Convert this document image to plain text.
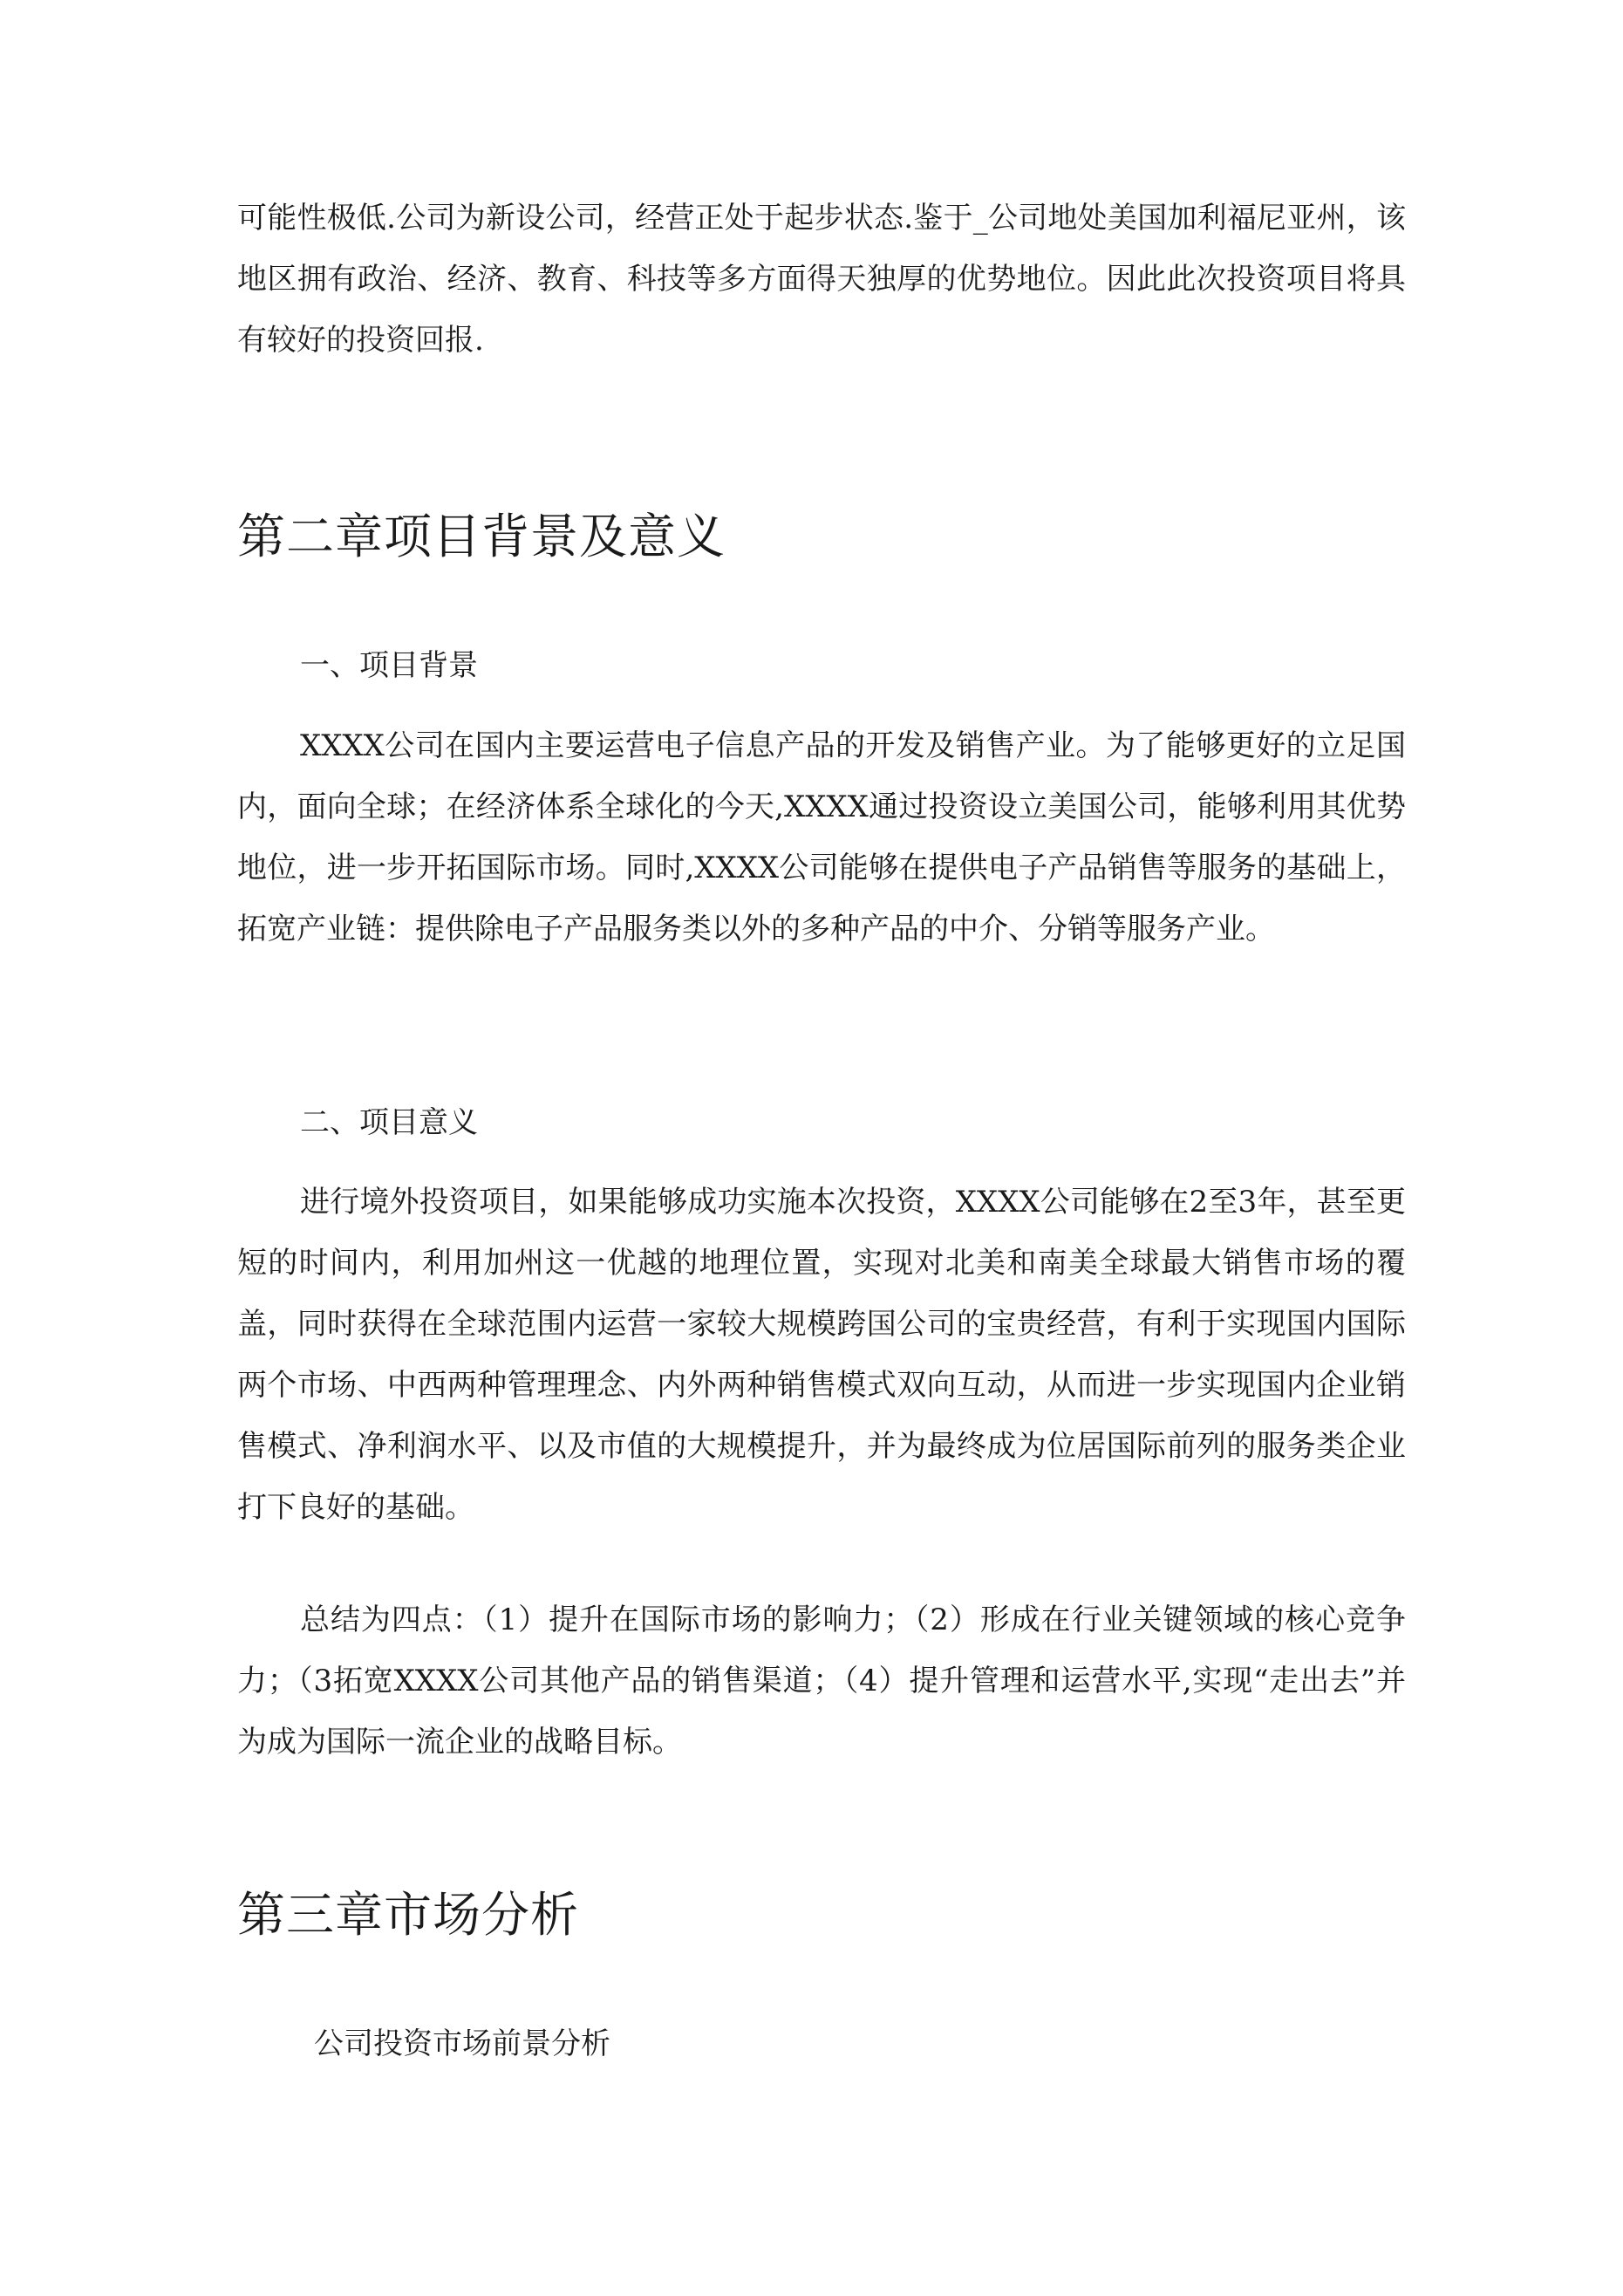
可能性极低.公司为新设公司，经营正处于起步状态.鉴于_公司地处美国加利福尼亚州，该地区拥有政治、经济、教育、科技等多方面得天独厚的优势地位。因此此次投资项目将具有较好的投资回报.

第二章项目背景及意义
一、项目背景

XXXX公司在国内主要运营电子信息产品的开发及销售产业。为了能够更好的立足国内，面向全球；在经济体系全球化的今天,XXXX通过投资设立美国公司，能够利用其优势地位，进一步开拓国际市场。同时,XXXX公司能够在提供电子产品销售等服务的基础上，拓宽产业链：提供除电子产品服务类以外的多种产品的中介、分销等服务产业。

二、项目意义

进行境外投资项目，如果能够成功实施本次投资，XXXX公司能够在2至3年，甚至更短的时间内，利用加州这一优越的地理位置，实现对北美和南美全球最大销售市场的覆盖，同时获得在全球范围内运营一家较大规模跨国公司的宝贵经营，有利于实现国内国际两个市场、中西两种管理理念、内外两种销售模式双向互动，从而进一步实现国内企业销售模式、净利润水平、以及市值的大规模提升，并为最终成为位居国际前列的服务类企业打下良好的基础。

总结为四点：（1）提升在国际市场的影响力；（2）形成在行业关键领域的核心竞争力；（3拓宽XXXX公司其他产品的销售渠道；（4）提升管理和运营水平,实现“走出去”并为成为国际一流企业的战略目标。

第三章市场分析
公司投资市场前景分析
